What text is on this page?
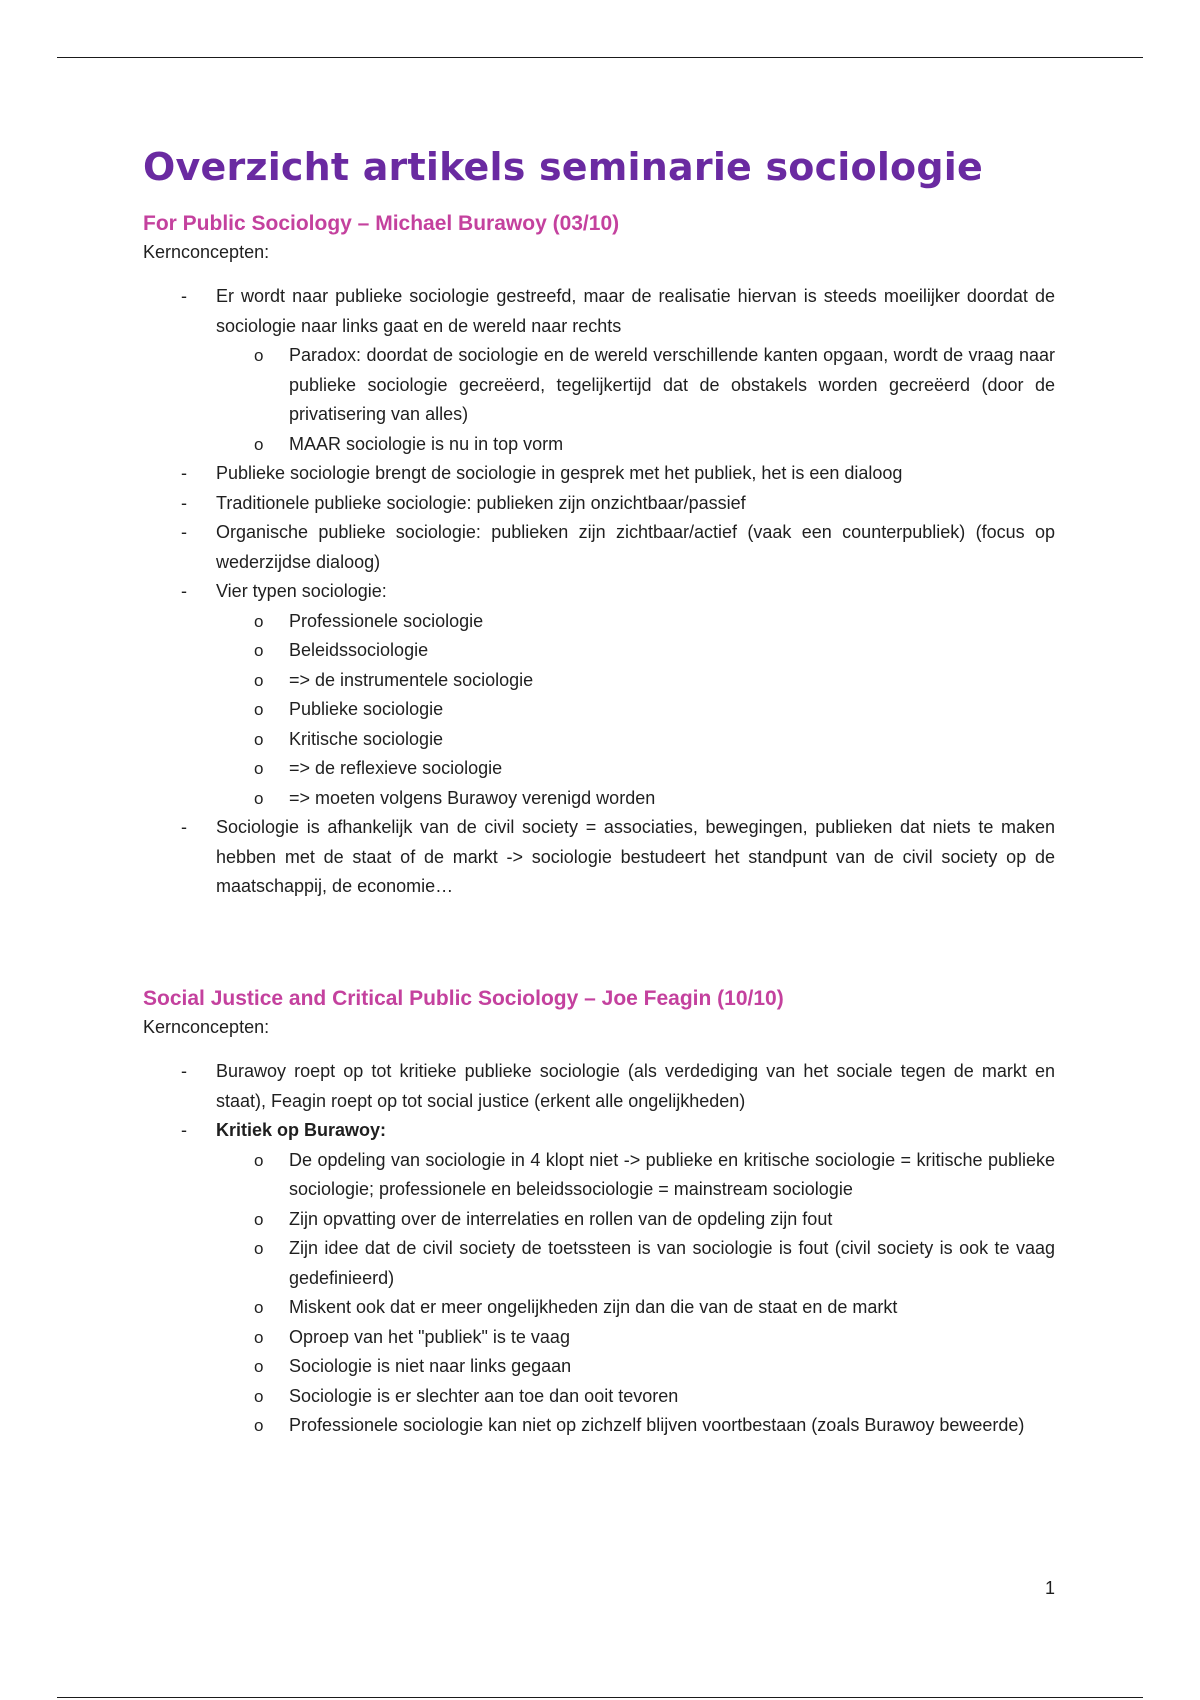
Overzicht artikels seminarie sociologie
For Public Sociology – Michael Burawoy (03/10)

Kernconcepten:

- Er wordt naar publieke sociologie gestreefd, maar de realisatie hiervan is steeds moeilijker doordat de sociologie naar links gaat en de wereld naar rechts
o Paradox: doordat de sociologie en de wereld verschillende kanten opgaan, wordt de vraag naar publieke sociologie gecreëerd, tegelijkertijd dat de obstakels worden gecreëerd (door de privatisering van alles)
o MAAR sociologie is nu in top vorm
- Publieke sociologie brengt de sociologie in gesprek met het publiek, het is een dialoog
- Traditionele publieke sociologie: publieken zijn onzichtbaar/passief
- Organische publieke sociologie: publieken zijn zichtbaar/actief (vaak een counterpubliek) (focus op wederzijdse dialoog)
- Vier typen sociologie:
o Professionele sociologie
o Beleidssociologie
o => de instrumentele sociologie
o Publieke sociologie
o Kritische sociologie
o => de reflexieve sociologie
o => moeten volgens Burawoy verenigd worden
- Sociologie is afhankelijk van de civil society = associaties, bewegingen, publieken dat niets te maken hebben met de staat of de markt -> sociologie bestudeert het standpunt van de civil society op de maatschappij, de economie…
Social Justice and Critical Public Sociology – Joe Feagin (10/10)

Kernconcepten:

- Burawoy roept op tot kritieke publieke sociologie (als verdediging van het sociale tegen de markt en staat), Feagin roept op tot social justice (erkent alle ongelijkheden)
- Kritiek op Burawoy:
o De opdeling van sociologie in 4 klopt niet -> publieke en kritische sociologie = kritische publieke sociologie; professionele en beleidssociologie = mainstream sociologie
o Zijn opvatting over de interrelaties en rollen van de opdeling zijn fout
o Zijn idee dat de civil society de toetssteen is van sociologie is fout (civil society is ook te vaag gedefinieerd)
o Miskent ook dat er meer ongelijkheden zijn dan die van de staat en de markt
o Oproep van het "publiek" is te vaag
o Sociologie is niet naar links gegaan
o Sociologie is er slechter aan toe dan ooit tevoren
o Professionele sociologie kan niet op zichzelf blijven voortbestaan (zoals Burawoy beweerde)
1
